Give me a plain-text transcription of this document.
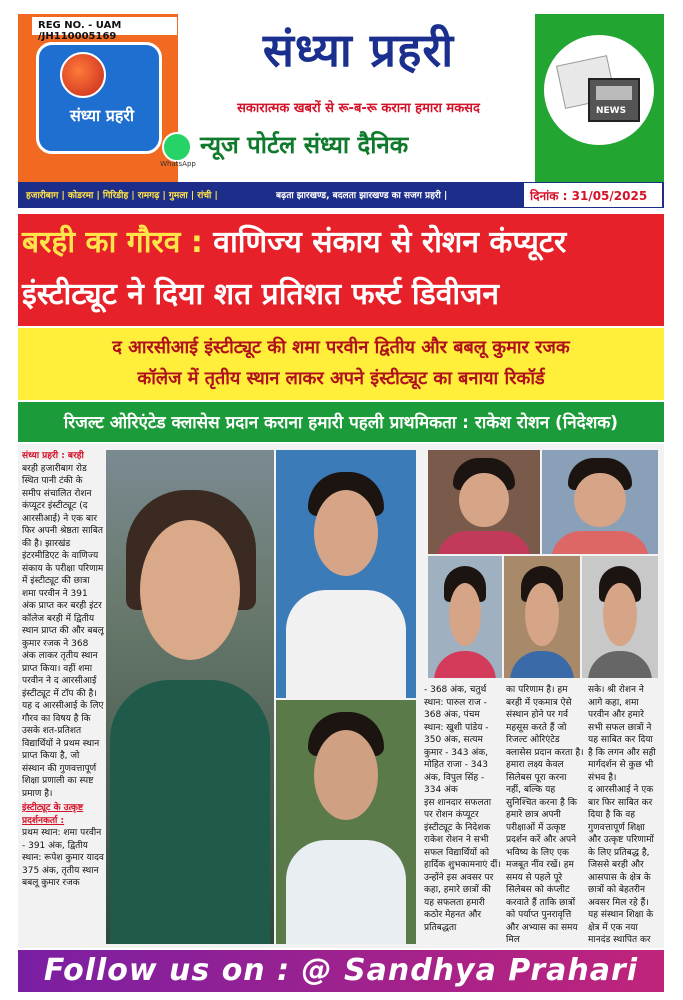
REG NO. - UAM /JH110005169
संध्या प्रहरी
संध्या प्रहरी
सकारात्मक खबरों से रू-ब-रू कराना हमारा मकसद
WhatsApp
न्यूज पोर्टल संध्या दैनिक
NEWS
हजारीबाग | कोडरमा | गिरिडीह | रामगढ़ | गुमला | रांची |	बढ़ता झारखण्ड, बदलता झारखण्ड का सजग प्रहरी |	दिनांक : 31/05/2025
बरही का गौरव : वाणिज्य संकाय से रोशन कंप्यूटर
इंस्टीट्यूट ने दिया शत प्रतिशत फर्स्ट डिवीजन
द आरसीआई इंस्टीट्यूट की शमा परवीन द्वितीय और बबलू कुमार रजक
कॉलेज में तृतीय स्थान लाकर अपने इंस्टीट्यूट का बनाया रिकॉर्ड
रिजल्ट ओरिएंटेड क्लासेस प्रदान कराना हमारी पहली प्राथमिकता : राकेश रोशन (निदेशक)
संध्या प्रहरी : बरही
बरही हजारीबाग रोड स्थित पानी टंकी के समीप संचालित रोशन कंप्यूटर इंस्टीट्यूट (द आरसीआई) ने एक बार फिर अपनी श्रेष्ठता साबित की है। झारखंड इंटरमीडिएट के वाणिज्य संकाय के परीक्षा परिणाम में इंस्टीट्यूट की छात्रा शमा परवीन ने 391 अंक प्राप्त कर बरही इंटर कॉलेज बरही में द्वितीय स्थान प्राप्त की और बबलू कुमार रजक ने 368 अंक लाकर तृतीय स्थान प्राप्त किया। वहीं शमा परवीन ने द आरसीआई इंस्टीट्यूट में टॉप की है। यह द आरसीआई के लिए गौरव का विषय है कि उसके शत-प्रतिशत विद्यार्थियों ने प्रथम स्थान प्राप्त किया है, जो संस्थान की गुणवत्तापूर्ण शिक्षा प्रणाली का स्पष्ट प्रमाण है।
इंस्टीट्यूट के उत्कृष्ट प्रदर्शनकर्ता :
प्रथम स्थान: शमा परवीन - 391 अंक, द्वितीय स्थान: रूपेश कुमार यादव 375 अंक, तृतीय स्थान बबलू कुमार रजक
- 368 अंक, चतुर्थ स्थान: पारुल राज - 368 अंक, पंचम स्थान: खुशी पांडेय - 350 अंक, सत्यम कुमार - 343 अंक, मोहित राजा - 343 अंक, विपुल सिंह - 334 अंक
इस शानदार सफलता पर रोशन कंप्यूटर इंस्टीट्यूट के निदेशक राकेश रोशन ने सभी सफल विद्यार्थियों को हार्दिक शुभकामनाएं दीं। उन्होंने इस अवसर पर कहा, हमारे छात्रों की यह सफलता हमारी कठोर मेहनत और प्रतिबद्धता
का परिणाम है। हम बरही में एकमात्र ऐसे संस्थान होने पर गर्व महसूस करते हैं जो रिजल्ट ओरिएंटेड क्लासेस प्रदान करता है। हमारा लक्ष्य केवल सिलेबस पूरा करना नहीं, बल्कि यह सुनिश्चित करना है कि हमारे छात्र अपनी परीक्षाओं में उत्कृष्ट प्रदर्शन करें और अपने भविष्य के लिए एक मजबूत नींव रखें। हम समय से पहले पूरे सिलेबस को कंप्लीट करवाते हैं ताकि छात्रों को पर्याप्त पुनरावृत्ति और अभ्यास का समय मिल
सके। श्री रोशन ने आगे कहा, शमा परवीन और हमारे सभी सफल छात्रों ने यह साबित कर दिया है कि लगन और सही मार्गदर्शन से कुछ भी संभव है।
द आरसीआई ने एक बार फिर साबित कर दिया है कि वह गुणवत्तापूर्ण शिक्षा और उत्कृष्ट परिणामों के लिए प्रतिबद्ध है, जिससे बरही और आसपास के क्षेत्र के छात्रों को बेहतरीन अवसर मिल रहे हैं। यह संस्थान शिक्षा के क्षेत्र में एक नया मानदंड स्थापित कर
Follow us on : @ Sandhya Prahari
